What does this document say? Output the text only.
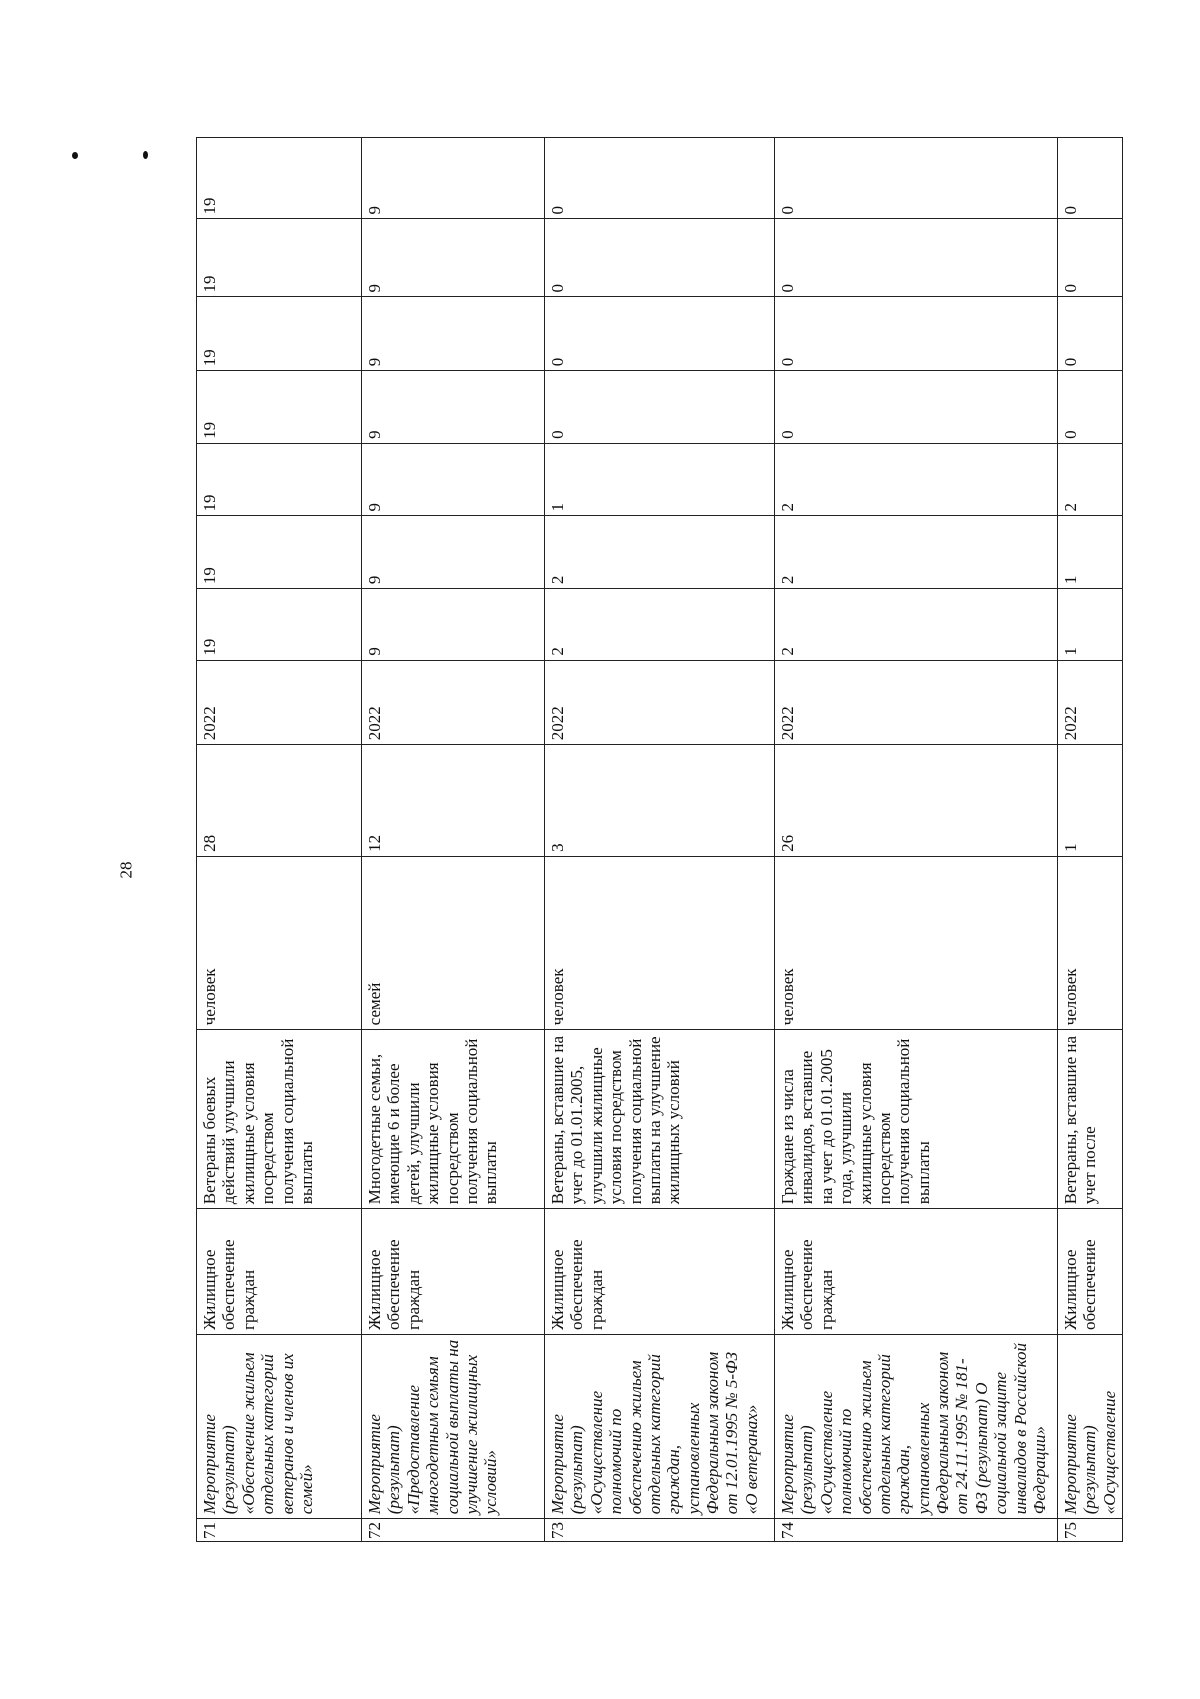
28
71	Мероприятие (результат) «Обеспечение жильем отдельных категорий ветеранов и членов их семей»	Жилищное обеспечение граждан	Ветераны боевых действий улучшили жилищные условия посредством получения социальной выплаты	человек	28	2022	19	19	19	19	19	19	19
72	Мероприятие (результат) «Предоставление многодетным семьям социальной выплаты на улучшение жилищных условий»	Жилищное обеспечение граждан	Многодетные семьи, имеющие 6 и более детей, улучшили жилищные условия посредством получения социальной выплаты	семей	12	2022	9	9	9	9	9	9	9
73	Мероприятие (результат) «Осуществление полномочий по обеспечению жильем отдельных категорий граждан, установленных Федеральным законом от 12.01.1995 № 5-ФЗ «О ветеранах»	Жилищное обеспечение граждан	Ветераны, вставшие на учет до 01.01.2005, улучшили жилищные условия посредством получения социальной выплаты на улучшение жилищных условий	человек	3	2022	2	2	1	0	0	0	0
74	Мероприятие (результат) «Осуществление полномочий по обеспечению жильем отдельных категорий граждан, установленных Федеральным законом от 24.11.1995 № 181-ФЗ (результат) О социальной защите инвалидов в Российской Федерации»	Жилищное обеспечение граждан	Граждане из числа инвалидов, вставшие на учет до 01.01.2005 года, улучшили жилищные условия посредством получения социальной выплаты	человек	26	2022	2	2	2	0	0	0	0
75	Мероприятие (результат) «Осуществление	Жилищное обеспечение	Ветераны, вставшие на учет после	человек	1	2022	1	1	2	0	0	0	0
